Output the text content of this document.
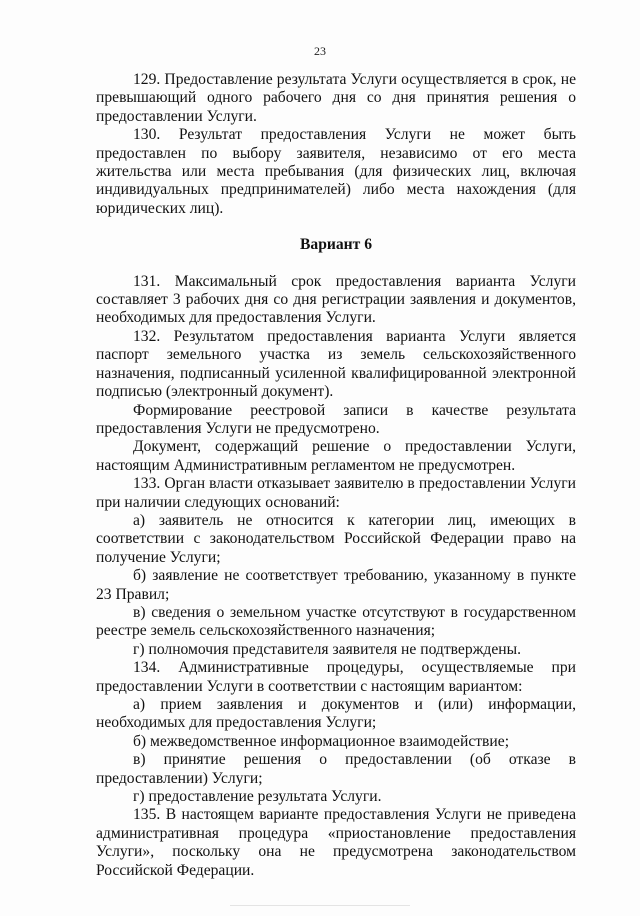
23

129. Предоставление результата Услуги осуществляется в срок, не превышающий одного рабочего дня со дня принятия решения о предоставлении Услуги.

130. Результат предоставления Услуги не может быть предоставлен по выбору заявителя, независимо от его места жительства или места пребывания (для физических лиц, включая индивидуальных предпринимателей) либо места нахождения (для юридических лиц).

Вариант 6

131. Максимальный срок предоставления варианта Услуги составляет 3 рабочих дня со дня регистрации заявления и документов, необходимых для предоставления Услуги.

132. Результатом предоставления варианта Услуги является паспорт земельного участка из земель сельскохозяйственного назначения, подписанный усиленной квалифицированной электронной подписью (электронный документ).

Формирование реестровой записи в качестве результата предоставления Услуги не предусмотрено.

Документ, содержащий решение о предоставлении Услуги, настоящим Административным регламентом не предусмотрен.

133. Орган власти отказывает заявителю в предоставлении Услуги при наличии следующих оснований:

а) заявитель не относится к категории лиц, имеющих в соответствии с законодательством Российской Федерации право на получение Услуги;

б) заявление не соответствует требованию, указанному в пункте 23 Правил;

в) сведения о земельном участке отсутствуют в государственном реестре земель сельскохозяйственного назначения;

г) полномочия представителя заявителя не подтверждены.

134. Административные процедуры, осуществляемые при предоставлении Услуги в соответствии с настоящим вариантом:

а) прием заявления и документов и (или) информации, необходимых для предоставления Услуги;

б) межведомственное информационное взаимодействие;

в) принятие решения о предоставлении (об отказе в предоставлении) Услуги;

г) предоставление результата Услуги.

135. В настоящем варианте предоставления Услуги не приведена административная процедура «приостановление предоставления Услуги», поскольку она не предусмотрена законодательством Российской Федерации.
